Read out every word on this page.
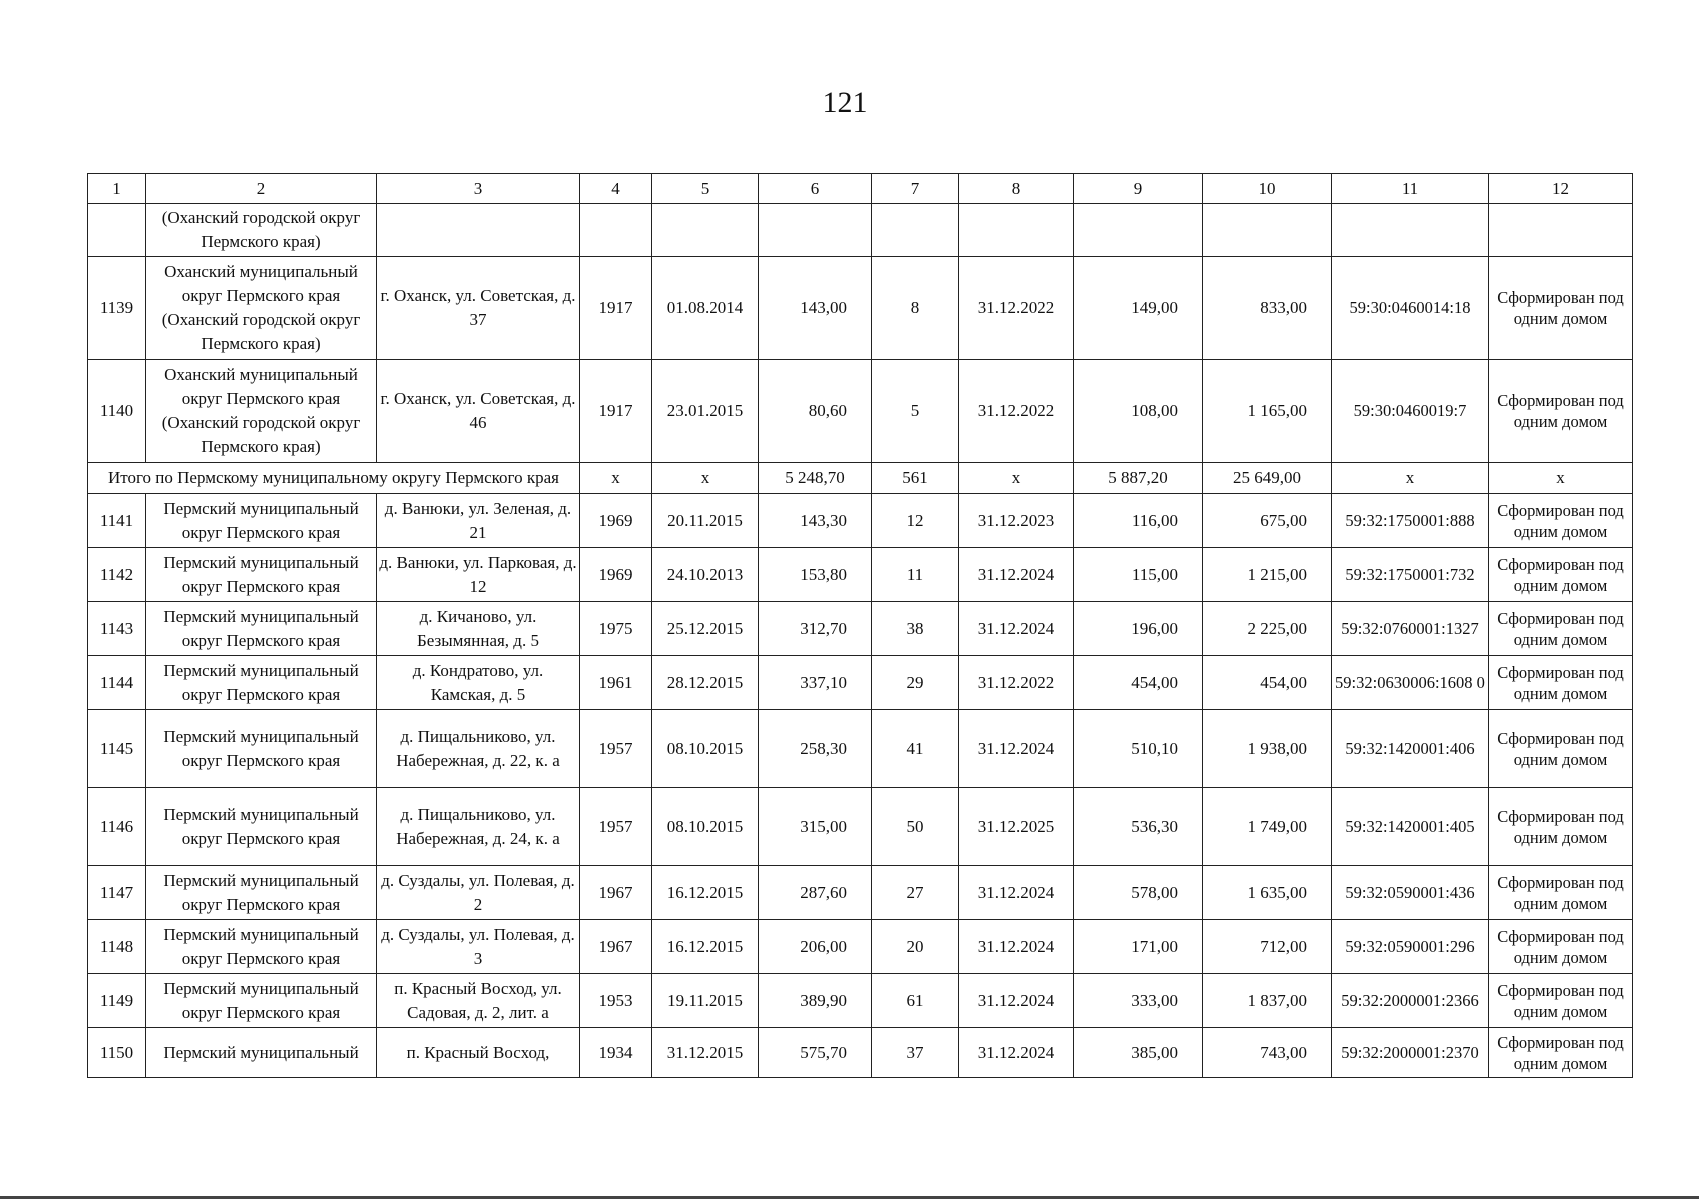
121
1	2	3	4	5	6	7	8	9	10	11	12
	(Оханский городской округ Пермского края)										
1139	Оханский муниципальный округ Пермского края (Оханский городской округ Пермского края)	г. Оханск, ул. Советская, д. 37	1917	01.08.2014	143,00	8	31.12.2022	149,00	833,00	59:30:0460014:18	Сформирован под одним домом
1140	Оханский муниципальный округ Пермского края (Оханский городской округ Пермского края)	г. Оханск, ул. Советская, д. 46	1917	23.01.2015	80,60	5	31.12.2022	108,00	1 165,00	59:30:0460019:7	Сформирован под одним домом
Итого по Пермскому муниципальному округу Пермского края			x	x	5 248,70	561	x	5 887,20	25 649,00	x	x
1141	Пермский муниципальный округ Пермского края	д. Ванюки, ул. Зеленая, д. 21	1969	20.11.2015	143,30	12	31.12.2023	116,00	675,00	59:32:1750001:888	Сформирован под одним домом
1142	Пермский муниципальный округ Пермского края	д. Ванюки, ул. Парковая, д. 12	1969	24.10.2013	153,80	11	31.12.2024	115,00	1 215,00	59:32:1750001:732	Сформирован под одним домом
1143	Пермский муниципальный округ Пермского края	д. Кичаново, ул. Безымянная, д. 5	1975	25.12.2015	312,70	38	31.12.2024	196,00	2 225,00	59:32:0760001:1327	Сформирован под одним домом
1144	Пермский муниципальный округ Пермского края	д. Кондратово, ул. Камская, д. 5	1961	28.12.2015	337,10	29	31.12.2022	454,00	454,00	59:32:0630006:1608 0	Сформирован под одним домом
1145	Пермский муниципальный округ Пермского края	д. Пищальниково, ул. Набережная, д. 22, к. а	1957	08.10.2015	258,30	41	31.12.2024	510,10	1 938,00	59:32:1420001:406	Сформирован под одним домом
1146	Пермский муниципальный округ Пермского края	д. Пищальниково, ул. Набережная, д. 24, к. а	1957	08.10.2015	315,00	50	31.12.2025	536,30	1 749,00	59:32:1420001:405	Сформирован под одним домом
1147	Пермский муниципальный округ Пермского края	д. Суздалы, ул. Полевая, д. 2	1967	16.12.2015	287,60	27	31.12.2024	578,00	1 635,00	59:32:0590001:436	Сформирован под одним домом
1148	Пермский муниципальный округ Пермского края	д. Суздалы, ул. Полевая, д. 3	1967	16.12.2015	206,00	20	31.12.2024	171,00	712,00	59:32:0590001:296	Сформирован под одним домом
1149	Пермский муниципальный округ Пермского края	п. Красный Восход, ул. Садовая, д. 2, лит. а	1953	19.11.2015	389,90	61	31.12.2024	333,00	1 837,00	59:32:2000001:2366	Сформирован под одним домом
1150	Пермский муниципальный	п. Красный Восход,	1934	31.12.2015	575,70	37	31.12.2024	385,00	743,00	59:32:2000001:2370	Сформирован под одним домом
